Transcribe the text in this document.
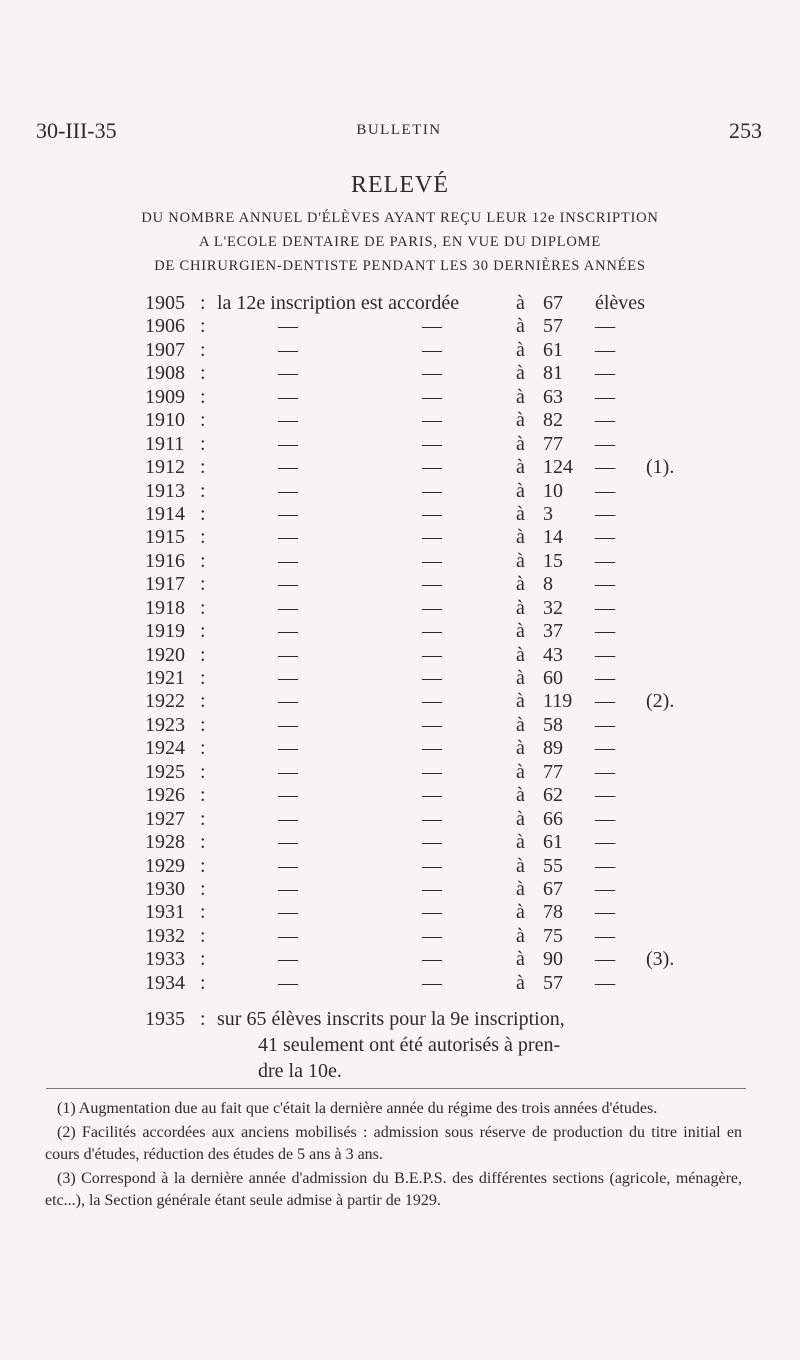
30-III-35	BULLETIN	253
RELEVÉ
DU NOMBRE ANNUEL D'ÉLÈVES AYANT REÇU LEUR 12e INSCRIPTION
A L'ECOLE DENTAIRE DE PARIS, EN VUE DU DIPLOME
DE CHIRURGIEN-DENTISTE PENDANT LES 30 DERNIÈRES ANNÉES
1905 : la 12e inscription est accordée	à 67 élèves
1906 :	—	—	à 57 —
1907 :	—	—	à 61 —
1908 :	—	—	à 81 —
1909 :	—	—	à 63 —
1910 :	—	—	à 82 —
1911 :	—	—	à 77 —
1912 :	—	—	à 124 — (1).
1913 :	—	—	à 10 —
1914 :	—	—	à 3 —
1915 :	—	—	à 14 —
1916 :	—	—	à 15 —
1917 :	—	—	à 8 —
1918 :	—	—	à 32 —
1919 :	—	—	à 37 —
1920 :	—	—	à 43 —
1921 :	—	—	à 60 —
1922 :	—	—	à 119 — (2).
1923 :	—	—	à 58 —
1924 :	—	—	à 89 —
1925 :	—	—	à 77 —
1926 :	—	—	à 62 —
1927 :	—	—	à 66 —
1928 :	—	—	à 61 —
1929 :	—	—	à 55 —
1930 :	—	—	à 67 —
1931 :	—	—	à 78 —
1932 :	—	—	à 75 —
1933 :	—	—	à 90 — (3).
1934 :	—	—	à 57 —
1935 : sur 65 élèves inscrits pour la 9e inscription,
41 seulement ont été autorisés à pren-
dre la 10e.

(1) Augmentation due au fait que c'était la dernière année du régime des trois années d'études.

(2) Facilités accordées aux anciens mobilisés : admission sous réserve de production du titre initial en cours d'études, réduction des études de 5 ans à 3 ans.

(3) Correspond à la dernière année d'admission du B.E.P.S. des différentes sections (agricole, ménagère, etc...), la Section générale étant seule admise à partir de 1929.
